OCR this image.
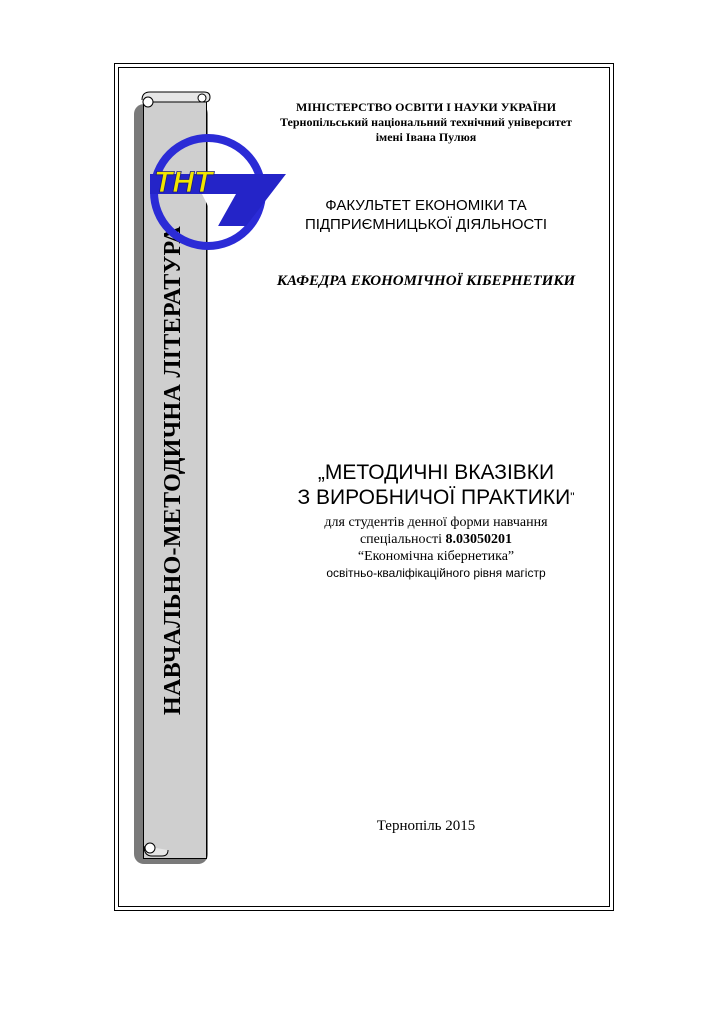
НАВЧАЛЬНО-МЕТОДИЧНА ЛІТЕРАТУРА
ТНТ
МІНІСТЕРСТВО ОСВІТИ І НАУКИ УКРАЇНИ
Тернопільський національний технічний університет
імені Івана Пулюя
ФАКУЛЬТЕТ ЕКОНОМІКИ ТА
ПІДПРИЄМНИЦЬКОЇ ДІЯЛЬНОСТІ
КАФЕДРА ЕКОНОМІЧНОЇ КІБЕРНЕТИКИ
„МЕТОДИЧНІ ВКАЗІВКИ
З ВИРОБНИЧОЇ ПРАКТИКИ"
для студентів денної форми навчання
спеціальності 8.03050201
“Економічна кібернетика”
освітньо-кваліфікаційного рівня магістр
Тернопіль 2015
